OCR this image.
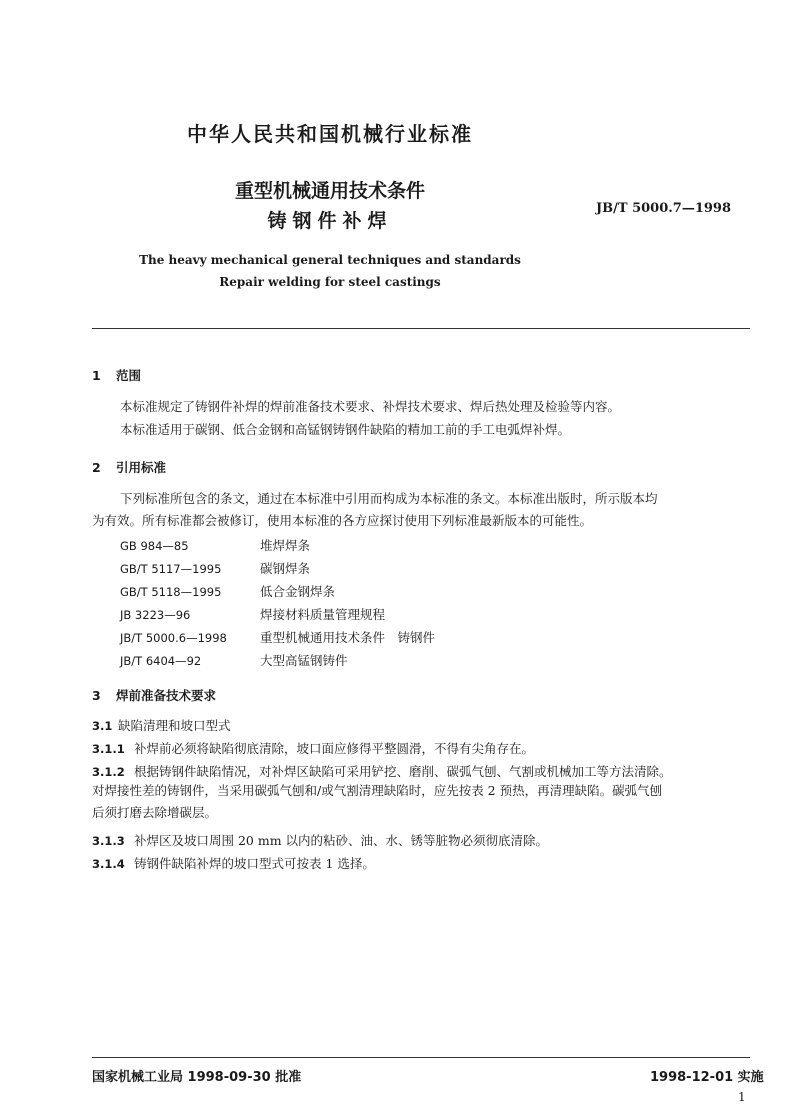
中华人民共和国机械行业标准
重型机械通用技术条件
铸钢件补焊
JB/T 5000.7—1998
The heavy mechanical general techniques and standards
Repair welding for steel castings
1 范围
本标准规定了铸钢件补焊的焊前准备技术要求、补焊技术要求、焊后热处理及检验等内容。
本标准适用于碳钢、低合金钢和高锰钢铸钢件缺陷的精加工前的手工电弧焊补焊。
2 引用标准
下列标准所包含的条文，通过在本标准中引用而构成为本标准的条文。本标准出版时，所示版本均
为有效。所有标准都会被修订，使用本标准的各方应探讨使用下列标准最新版本的可能性。
GB 984—85	堆焊焊条
GB/T 5117—1995	碳钢焊条
GB/T 5118—1995	低合金钢焊条
JB 3223—96	焊接材料质量管理规程
JB/T 5000.6—1998	重型机械通用技术条件　铸钢件
JB/T 6404—92	大型高锰钢铸件
3 焊前准备技术要求
3.1 缺陷清理和坡口型式
3.1.1 补焊前必须将缺陷彻底清除，坡口面应修得平整圆滑，不得有尖角存在。
3.1.2 根据铸钢件缺陷情况，对补焊区缺陷可采用铲挖、磨削、碳弧气刨、气割或机械加工等方法清除。
对焊接性差的铸钢件，当采用碳弧气刨和/或气割清理缺陷时，应先按表 2 预热，再清理缺陷。碳弧气刨
后须打磨去除增碳层。
3.1.3 补焊区及坡口周围 20 mm 以内的粘砂、油、水、锈等脏物必须彻底清除。
3.1.4 铸钢件缺陷补焊的坡口型式可按表 1 选择。
国家机械工业局 1998-09-30 批准	1998-12-01 实施
1
